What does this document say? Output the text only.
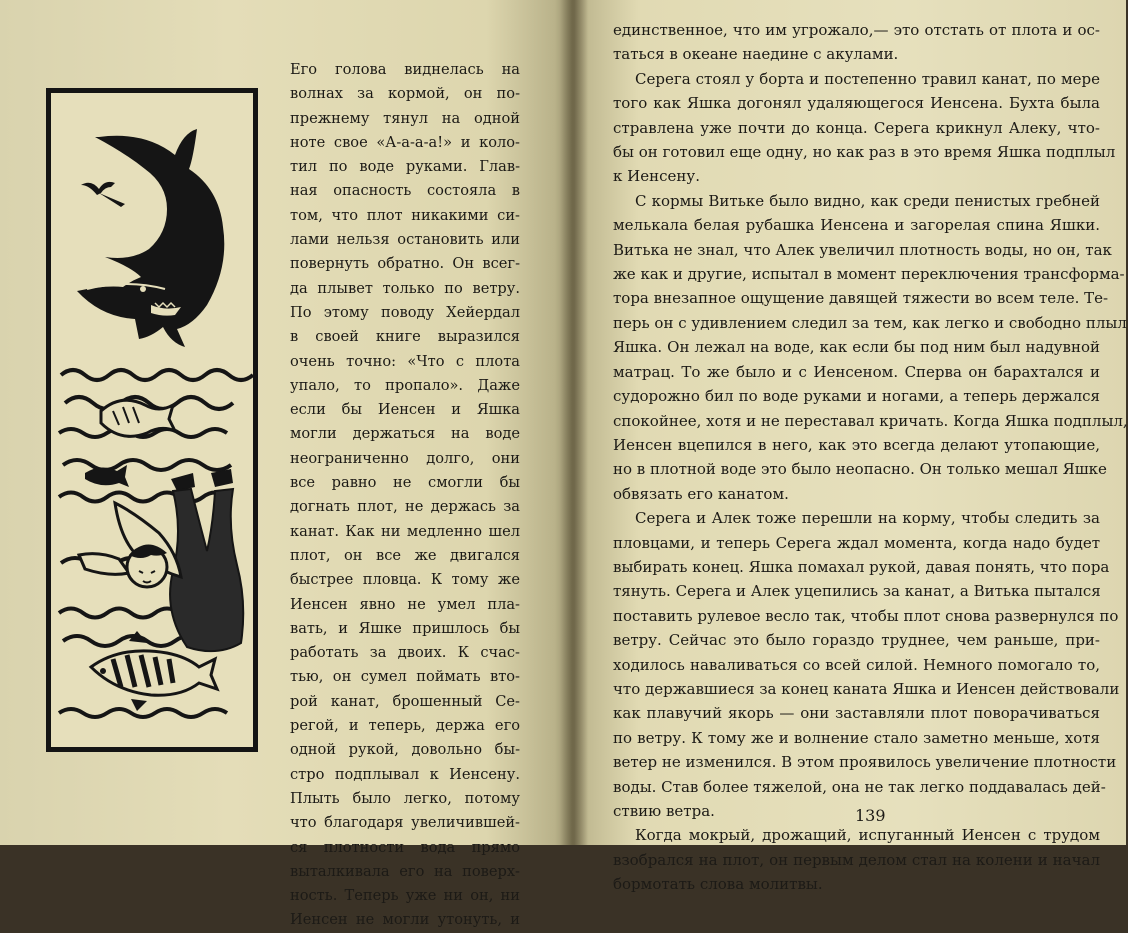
Его голова виднелась на
волнах за кормой, он по-
прежнему тянул на одной
ноте свое «А-а-а-а!» и коло-
тил по воде руками. Глав-
ная опасность состояла в
том, что плот никакими си-
лами нельзя остановить или
повернуть обратно. Он всег-
да плывет только по ветру.
По этому поводу Хейердал
в своей книге выразился
очень точно: «Что с плота
упало, то пропало». Даже
если бы Иенсен и Яшка
могли держаться на воде
неограниченно долго, они
все равно не смогли бы
догнать плот, не держась за
канат. Как ни медленно шел
плот, он все же двигался
быстрее пловца. К тому же
Иенсен явно не умел пла-
вать, и Яшке пришлось бы
работать за двоих. К счас-
тью, он сумел поймать вто-
рой канат, брошенный Се-
регой, и теперь, держа его
одной рукой, довольно бы-
стро подплывал к Иенсену.
Плыть было легко, потому
что благодаря увеличившей-
ся плотности вода прямо
выталкивала его на поверх-
ность. Теперь уже ни он, ни
Иенсен не могли утонуть, и
единственное, что им угрожало,— это отстать от плота и ос-
таться в океане наедине с акулами.
Серега стоял у борта и постепенно травил канат, по мере
того как Яшка догонял удаляющегося Иенсена. Бухта была
стравлена уже почти до конца. Серега крикнул Алеку, что-
бы он готовил еще одну, но как раз в это время Яшка подплыл
к Иенсену.
С кормы Витьке было видно, как среди пенистых гребней
мелькала белая рубашка Иенсена и загорелая спина Яшки.
Витька не знал, что Алек увеличил плотность воды, но он, так
же как и другие, испытал в момент переключения трансформа-
тора внезапное ощущение давящей тяжести во всем теле. Те-
перь он с удивлением следил за тем, как легко и свободно плыл
Яшка. Он лежал на воде, как если бы под ним был надувной
матрац. То же было и с Иенсеном. Сперва он барахтался и
судорожно бил по воде руками и ногами, а теперь держался
спокойнее, хотя и не переставал кричать. Когда Яшка подплыл,
Иенсен вцепился в него, как это всегда делают утопающие,
но в плотной воде это было неопасно. Он только мешал Яшке
обвязать его канатом.
Серега и Алек тоже перешли на корму, чтобы следить за
пловцами, и теперь Серега ждал момента, когда надо будет
выбирать конец. Яшка помахал рукой, давая понять, что пора
тянуть. Серега и Алек уцепились за канат, а Витька пытался
поставить рулевое весло так, чтобы плот снова развернулся по
ветру. Сейчас это было гораздо труднее, чем раньше, при-
ходилось наваливаться со всей силой. Немного помогало то,
что державшиеся за конец каната Яшка и Иенсен действовали
как плавучий якорь — они заставляли плот поворачиваться
по ветру. К тому же и волнение стало заметно меньше, хотя
ветер не изменился. В этом проявилось увеличение плотности
воды. Став более тяжелой, она не так легко поддавалась дей-
ствию ветра.
Когда мокрый, дрожащий, испуганный Иенсен с трудом
взобрался на плот, он первым делом стал на колени и начал
бормотать слова молитвы.
139
